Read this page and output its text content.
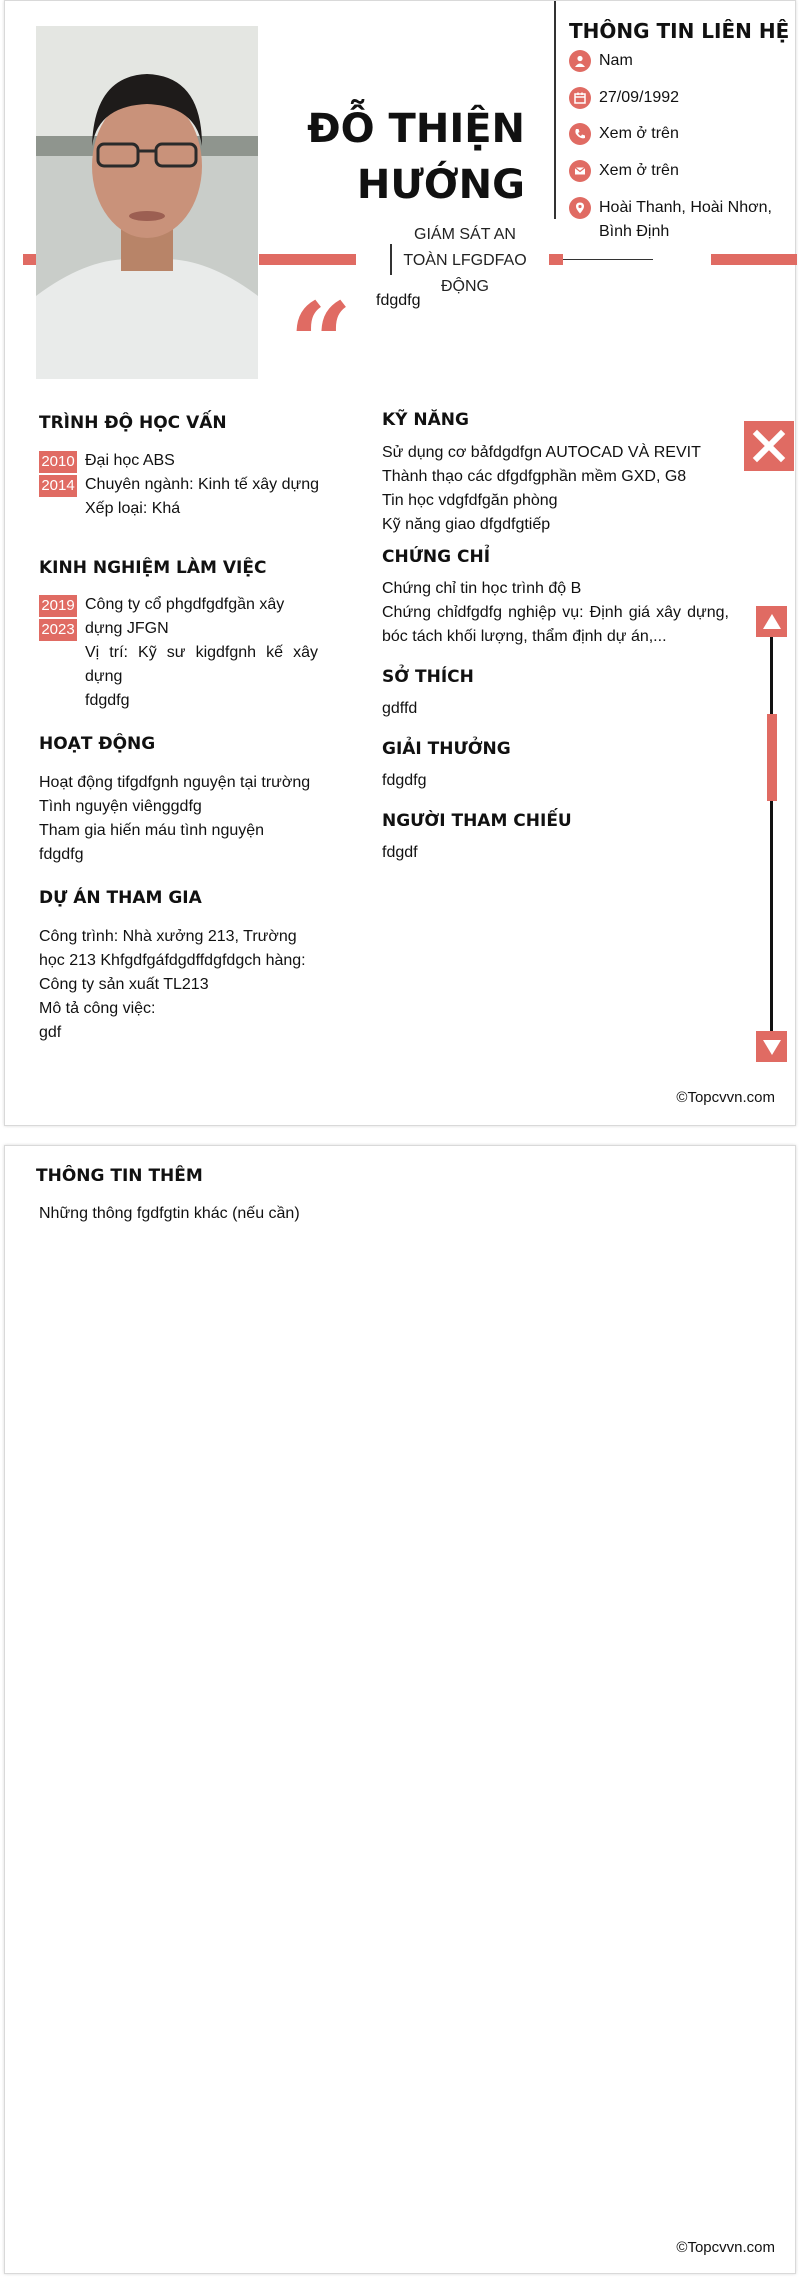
ĐỖ THIỆN
HƯỚNG
GIÁM SÁT AN TOÀN LFGDFAO ĐỘNG
“ fdgdfg
THÔNG TIN LIÊN HỆ
Nam
27/09/1992
Xem ở trên
Xem ở trên
Hoài Thanh, Hoài Nhơn, Bình Định
TRÌNH ĐỘ HỌC VẤN
2010
2014
Đại học ABS
Chuyên ngành: Kinh tế xây dựng
Xếp loại: Khá
KINH NGHIỆM LÀM VIỆC
2019
2023
Công ty cổ phgdfgdfgần xây dựng JFGN
Vị trí: Kỹ sư kigdfgnh kế xây dựng
fdgdfg
HOẠT ĐỘNG
Hoạt động tifgdfgnh nguyện tại trường
Tình nguyện viênggdfg
Tham gia hiến máu tình nguyện
fdgdfg
DỰ ÁN THAM GIA
Công trình: Nhà xưởng 213, Trường học 213 Khfgdfgáfdgdffdgfdgch hàng:
Công ty sản xuất TL213
Mô tả công việc:
gdf
KỸ NĂNG
Sử dụng cơ bảfdgdfgn AUTOCAD VÀ REVIT
Thành thạo các dfgdfgphần mềm GXD, G8
Tin học vdgfdfgăn phòng
Kỹ năng giao dfgdfgtiếp
CHỨNG CHỈ
Chứng chỉ tin học trình độ B
Chứng chỉdfgdfg nghiệp vụ: Định giá xây dựng, bóc tách khối lượng, thẩm định dự án,...
SỞ THÍCH
gdffd
GIẢI THƯỞNG
fdgdfg
NGƯỜI THAM CHIẾU
fdgdf
©Topcvvn.com
THÔNG TIN THÊM
Những thông fgdfgtin khác (nếu cần)
©Topcvvn.com
